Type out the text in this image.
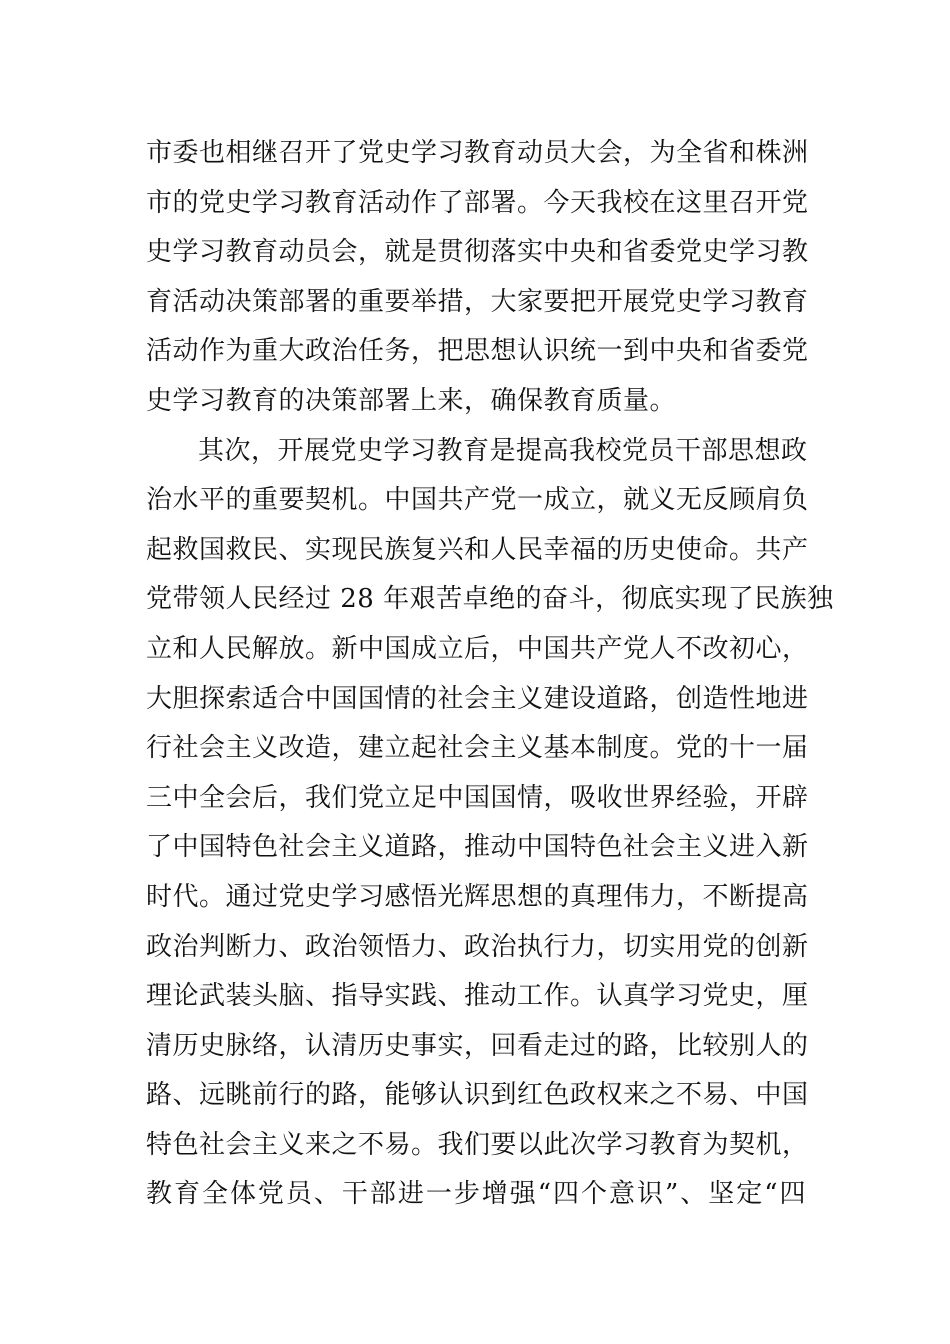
市委也相继召开了党史学习教育动员大会，为全省和株洲
市的党史学习教育活动作了部署。今天我校在这里召开党
史学习教育动员会，就是贯彻落实中央和省委党史学习教
育活动决策部署的重要举措，大家要把开展党史学习教育
活动作为重大政治任务，把思想认识统一到中央和省委党
史学习教育的决策部署上来，确保教育质量。
其次，开展党史学习教育是提高我校党员干部思想政
治水平的重要契机。中国共产党一成立，就义无反顾肩负
起救国救民、实现民族复兴和人民幸福的历史使命。共产
党带领人民经过 28 年艰苦卓绝的奋斗，彻底实现了民族独
立和人民解放。新中国成立后，中国共产党人不改初心，
大胆探索适合中国国情的社会主义建设道路，创造性地进
行社会主义改造，建立起社会主义基本制度。党的十一届
三中全会后，我们党立足中国国情，吸收世界经验，开辟
了中国特色社会主义道路，推动中国特色社会主义进入新
时代。通过党史学习感悟光辉思想的真理伟力，不断提高
政治判断力、政治领悟力、政治执行力，切实用党的创新
理论武装头脑、指导实践、推动工作。认真学习党史，厘
清历史脉络，认清历史事实，回看走过的路，比较别人的
路、远眺前行的路，能够认识到红色政权来之不易、中国
特色社会主义来之不易。我们要以此次学习教育为契机，
教育全体党员、干部进一步增强“四个意识”、坚定“四
